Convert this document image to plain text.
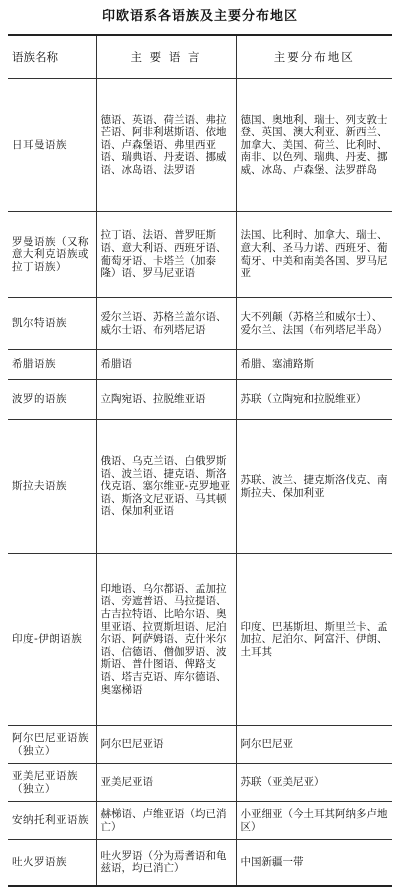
印欧语系各语族及主要分布地区
语族名称	主 要 语 言	主要分布地区
日耳曼语族	德语、英语、荷兰语、弗拉芒语、阿非利堪斯语、依地语、卢森堡语、弗里西亚语、瑞典语、丹麦语、挪威语、冰岛语、法罗语	德国、奥地利、瑞士、列支敦士登、英国、澳大利亚、新西兰、加拿大、美国、荷兰、比利时、南非、以色列、瑞典、丹麦、挪威、冰岛、卢森堡、法罗群岛
罗曼语族（又称意大利克语族或拉丁语族）	拉丁语、法语、普罗旺斯语、意大利语、西班牙语、葡萄牙语、卡塔兰（加泰隆）语、罗马尼亚语	法国、比利时、加拿大、瑞士、意大利、圣马力诺、西班牙、葡萄牙、中美和南美各国、罗马尼亚
凯尔特语族	爱尔兰语、苏格兰盖尔语、威尔士语、布列塔尼语	大不列颠（苏格兰和威尔士）、爱尔兰、法国（布列塔尼半岛）
希腊语族	希腊语	希腊、塞浦路斯
波罗的语族	立陶宛语、拉脱维亚语	苏联（立陶宛和拉脱维亚）
斯拉夫语族	俄语、乌克兰语、白俄罗斯语、波兰语、捷克语、斯洛伐克语、塞尔维亚-克罗地亚语、斯洛文尼亚语、马其顿语、保加利亚语	苏联、波兰、捷克斯洛伐克、南斯拉夫、保加利亚
印度-伊朗语族	印地语、乌尔都语、孟加拉语、旁遮普语、马拉提语、古吉拉特语、比哈尔语、奥里亚语、拉贾斯坦语、尼泊尔语、阿萨姆语、克什米尔语、信德语、僧伽罗语、波斯语、普什图语、俾路支语、塔吉克语、库尔德语、奥塞梯语	印度、巴基斯坦、斯里兰卡、孟加拉、尼泊尔、阿富汗、伊朗、土耳其
阿尔巴尼亚语族（独立）	阿尔巴尼亚语	阿尔巴尼亚
亚美尼亚语族（独立）	亚美尼亚语	苏联（亚美尼亚）
安纳托利亚语族	赫梯语、卢维亚语（均已消亡）	小亚细亚（今土耳其阿纳多卢地区）
吐火罗语族	吐火罗语（分为焉耆语和龟兹语，均已消亡）	中国新疆一带
